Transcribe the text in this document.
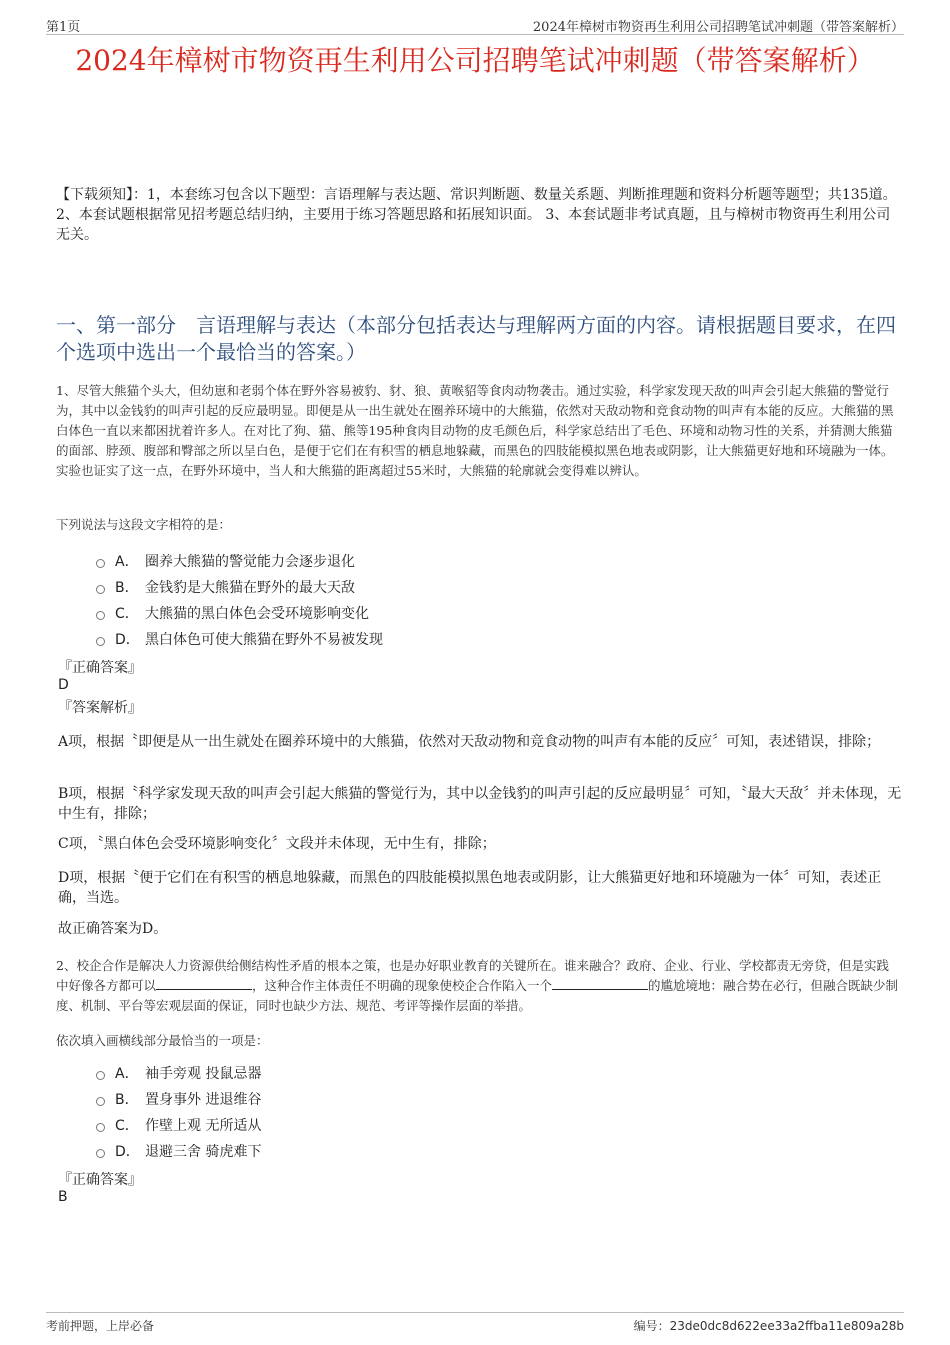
第1页	2024年樟树市物资再生利用公司招聘笔试冲刺题（带答案解析）
2024年樟树市物资再生利用公司招聘笔试冲刺题（带答案解析）
【下载须知】：1，本套练习包含以下题型：言语理解与表达题、常识判断题、数量关系题、判断推理题和资料分析题等题型；共135道。 2、本套试题根据常见招考题总结归纳，主要用于练习答题思路和拓展知识面。 3、本套试题非考试真题，且与樟树市物资再生利用公司无关。
一、第一部分　言语理解与表达（本部分包括表达与理解两方面的内容。请根据题目要求，在四个选项中选出一个最恰当的答案。）
1、尽管大熊猫个头大，但幼崽和老弱个体在野外容易被豹、豺、狼、黄喉貂等食肉动物袭击。通过实验，科学家发现天敌的叫声会引起大熊猫的警觉行为，其中以金钱豹的叫声引起的反应最明显。即便是从一出生就处在圈养环境中的大熊猫，依然对天敌动物和竞食动物的叫声有本能的反应。大熊猫的黑白体色一直以来都困扰着许多人。在对比了狗、猫、熊等195种食肉目动物的皮毛颜色后，科学家总结出了毛色、环境和动物习性的关系，并猜测大熊猫的面部、脖颈、腹部和臀部之所以呈白色，是便于它们在有积雪的栖息地躲藏，而黑色的四肢能模拟黑色地表或阴影，让大熊猫更好地和环境融为一体。实验也证实了这一点，在野外环境中，当人和大熊猫的距离超过55米时，大熊猫的轮廓就会变得难以辨认。
下列说法与这段文字相符的是：
A． 圈养大熊猫的警觉能力会逐步退化
B． 金钱豹是大熊猫在野外的最大天敌
C． 大熊猫的黑白体色会受环境影响变化
D． 黑白体色可使大熊猫在野外不易被发现
『正确答案』
D
『答案解析』
A项，根据〝即便是从一出生就处在圈养环境中的大熊猫，依然对天敌动物和竞食动物的叫声有本能的反应〞可知，表述错误，排除；
B项，根据〝科学家发现天敌的叫声会引起大熊猫的警觉行为，其中以金钱豹的叫声引起的反应最明显〞可知，〝最大天敌〞并未体现，无中生有，排除；
C项，〝黑白体色会受环境影响变化〞文段并未体现，无中生有，排除；
D项，根据〝便于它们在有积雪的栖息地躲藏，而黑色的四肢能模拟黑色地表或阴影，让大熊猫更好地和环境融为一体〞可知，表述正确，当选。
故正确答案为D。
2、校企合作是解决人力资源供给侧结构性矛盾的根本之策，也是办好职业教育的关键所在。谁来融合？政府、企业、行业、学校都责无旁贷，但是实践中好像各方都可以	，这种合作主体责任不明确的现象使校企合作陷入一个	的尴尬境地：融合势在必行，但融合既缺少制度、机制、平台等宏观层面的保证，同时也缺少方法、规范、考评等操作层面的举措。
依次填入画横线部分最恰当的一项是：
A． 袖手旁观 投鼠忌器
B． 置身事外 进退维谷
C． 作壁上观 无所适从
D． 退避三舍 骑虎难下
『正确答案』
B
考前押题，上岸必备	编号：23de0dc8d622ee33a2ffba11e809a28b
